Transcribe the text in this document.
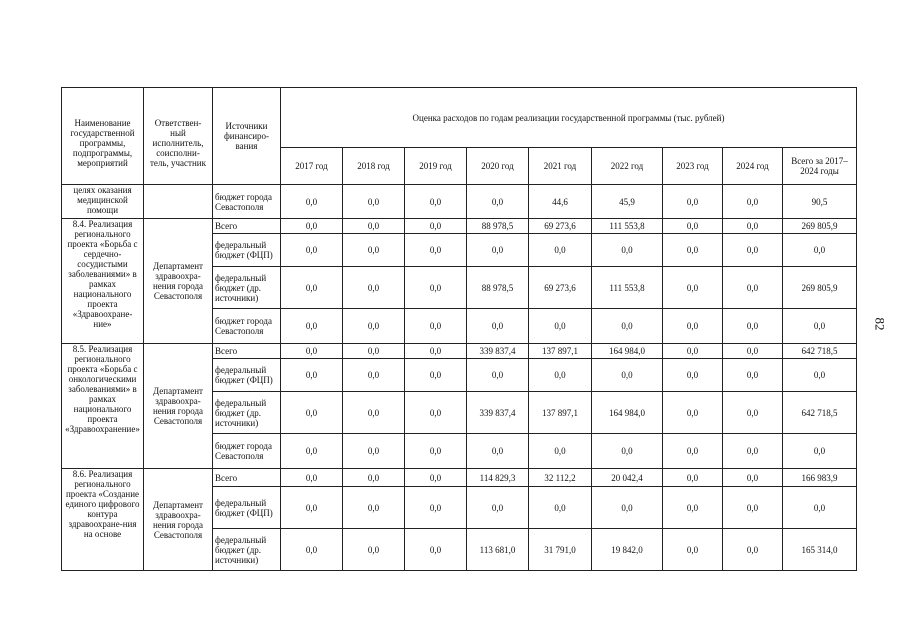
Наименование государственной программы, подпрограммы, мероприятий	Ответствен- ный исполнитель, соисполни- тель, участник	Источники финансиро- вания	Оценка расходов по годам реализации государственной программы (тыс. рублей)								
			2017 год	2018 год	2019 год	2020 год	2021 год	2022 год	2023 год	2024 год	Всего за 2017–2024 годы
целях оказания медицинской помощи		бюджет города Севастополя	0,0	0,0	0,0	0,0	44,6	45,9	0,0	0,0	90,5
8.4. Реализация регионального проекта «Борьба с сердечно-сосудистыми заболеваниями» в рамках национального проекта «Здравоохране-ние»	Департамент здравоохра-нения города Севастополя	Всего	0,0	0,0	0,0	88 978,5	69 273,6	111 553,8	0,0	0,0	269 805,9
		федеральный бюджет (ФЦП)	0,0	0,0	0,0	0,0	0,0	0,0	0,0	0,0	0,0
		федеральный бюджет (др. источники)	0,0	0,0	0,0	88 978,5	69 273,6	111 553,8	0,0	0,0	269 805,9
		бюджет города Севастополя	0,0	0,0	0,0	0,0	0,0	0,0	0,0	0,0	0,0
8.5. Реализация регионального проекта «Борьба с онкологическими заболеваниями» в рамках национального проекта «Здравоохранение»	Департамент здравоохра-нения города Севастополя	Всего	0,0	0,0	0,0	339 837,4	137 897,1	164 984,0	0,0	0,0	642 718,5
		федеральный бюджет (ФЦП)	0,0	0,0	0,0	0,0	0,0	0,0	0,0	0,0	0,0
		федеральный бюджет (др. источники)	0,0	0,0	0,0	339 837,4	137 897,1	164 984,0	0,0	0,0	642 718,5
		бюджет города Севастополя	0,0	0,0	0,0	0,0	0,0	0,0	0,0	0,0	0,0
8.6. Реализация регионального проекта «Создание единого цифрового контура здравоохране-ния на основе	Департамент здравоохра-нения города Севастополя	Всего	0,0	0,0	0,0	114 829,3	32 112,2	20 042,4	0,0	0,0	166 983,9
		федеральный бюджет (ФЦП)	0,0	0,0	0,0	0,0	0,0	0,0	0,0	0,0	0,0
		федеральный бюджет (др. источники)	0,0	0,0	0,0	113 681,0	31 791,0	19 842,0	0,0	0,0	165 314,0
82
